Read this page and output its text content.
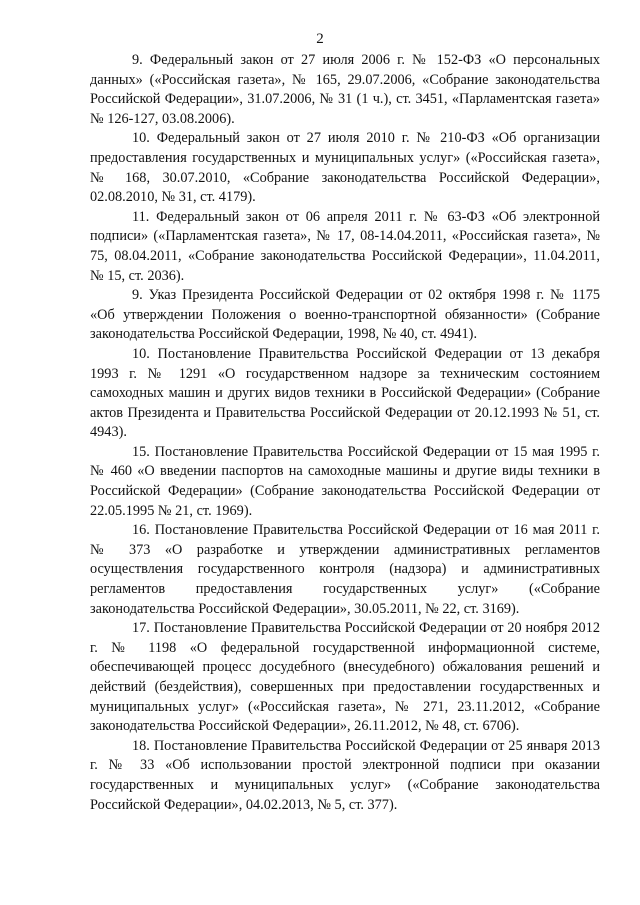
2

9. Федеральный закон от 27 июля 2006 г. № 152-ФЗ «О персональных данных» («Российская газета», № 165, 29.07.2006, «Собрание законодательства Российской Федерации», 31.07.2006, № 31 (1 ч.), ст. 3451, «Парламентская газета» № 126-127, 03.08.2006).

10. Федеральный закон от 27 июля 2010 г. № 210-ФЗ «Об организации предоставления государственных и муниципальных услуг» («Российская газета», № 168, 30.07.2010, «Собрание законодательства Российской Федерации», 02.08.2010, № 31, ст. 4179).

11. Федеральный закон от 06 апреля 2011 г. № 63-ФЗ «Об электронной подписи» («Парламентская газета», № 17, 08-14.04.2011, «Российская газета», № 75, 08.04.2011, «Собрание законодательства Российской Федерации», 11.04.2011, № 15, ст. 2036).

9. Указ Президента Российской Федерации от 02 октября 1998 г. № 1175 «Об утверждении Положения о военно-транспортной обязанности» (Собрание законодательства Российской Федерации, 1998, № 40, ст. 4941).

10. Постановление Правительства Российской Федерации от 13 декабря 1993 г. № 1291 «О государственном надзоре за техническим состоянием самоходных машин и других видов техники в Российской Федерации» (Собрание актов Президента и Правительства Российской Федерации от 20.12.1993 № 51, ст. 4943).

15. Постановление Правительства Российской Федерации от 15 мая 1995 г. № 460 «О введении паспортов на самоходные машины и другие виды техники в Российской Федерации» (Собрание законодательства Российской Федерации от 22.05.1995 № 21, ст. 1969).

16. Постановление Правительства Российской Федерации от 16 мая 2011 г. № 373 «О разработке и утверждении административных регламентов осуществления государственного контроля (надзора) и административных регламентов предоставления государственных услуг» («Собрание законодательства Российской Федерации», 30.05.2011, № 22, ст. 3169).

17. Постановление Правительства Российской Федерации от 20 ноября 2012 г. № 1198 «О федеральной государственной информационной системе, обеспечивающей процесс досудебного (внесудебного) обжалования решений и действий (бездействия), совершенных при предоставлении государственных и муниципальных услуг» («Российская газета», № 271, 23.11.2012, «Собрание законодательства Российской Федерации», 26.11.2012, № 48, ст. 6706).

18. Постановление Правительства Российской Федерации от 25 января 2013 г. № 33 «Об использовании простой электронной подписи при оказании государственных и муниципальных услуг» («Собрание законодательства Российской Федерации», 04.02.2013, № 5, ст. 377).
